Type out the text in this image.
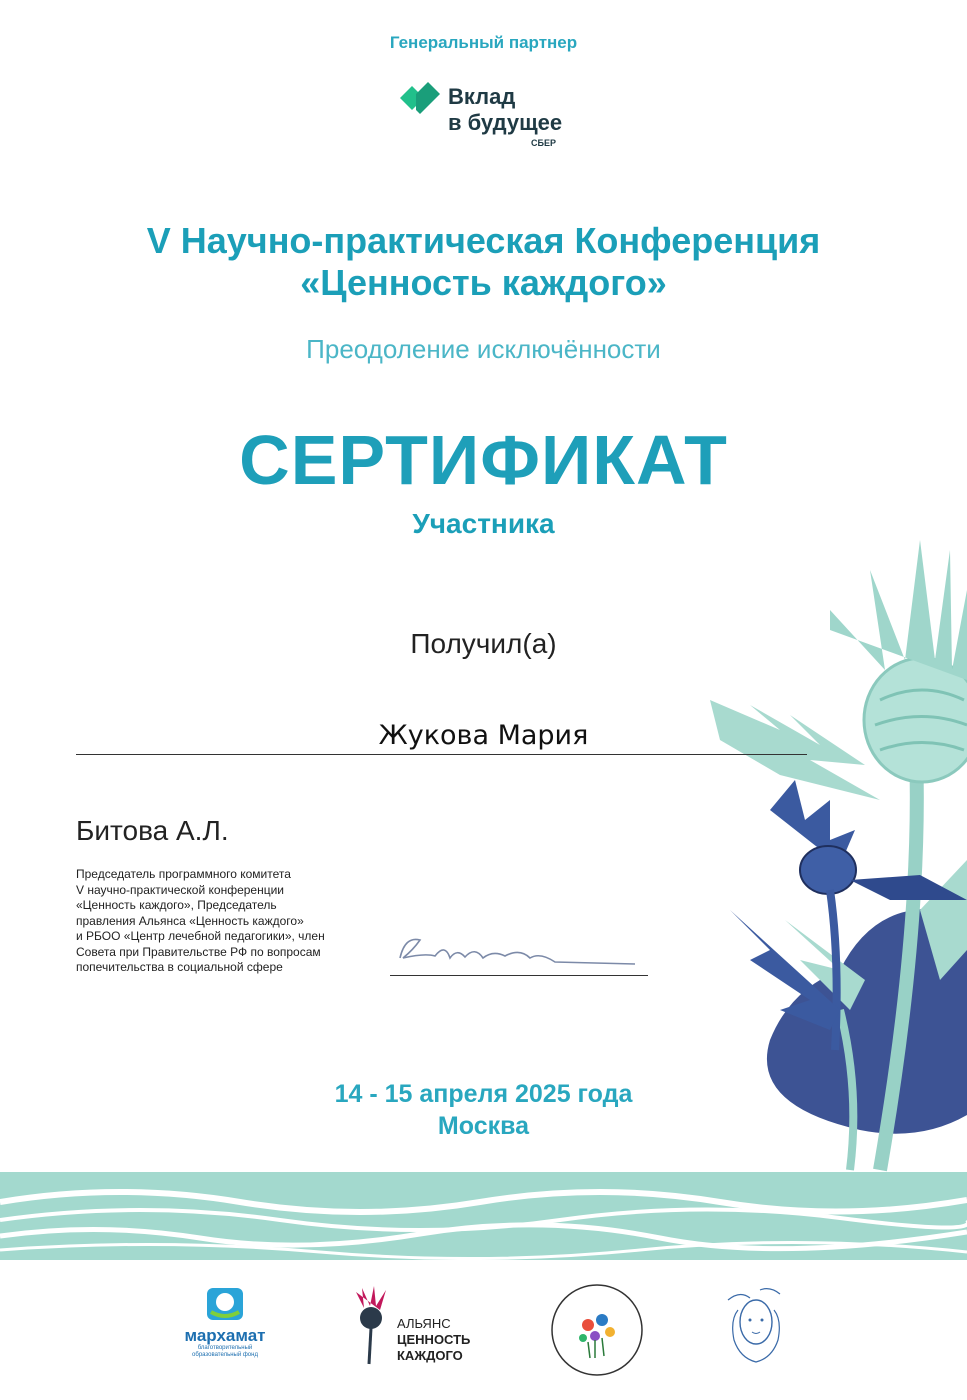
Генеральный партнер
Вклад
в будущее
СБЕР
V Научно-практическая Конференция
«Ценность каждого»
Преодоление исключённости
СЕРТИФИКАТ
Участника
Получил(а)
Жукова Мария
Битова А.Л.
Председатель программного комитета
V научно-практической конференции
«Ценность каждого», Председатель
правления Альянса «Ценность каждого»
и РБОО «Центр лечебной педагогики», член
Совета при Правительстве РФ по вопросам
попечительства в социальной сфере
14 - 15 апреля 2025 года
Москва
мархамат
благотворительный
образовательный фонд
АЛЬЯНС
ЦЕННОСТЬ
КАЖДОГО
